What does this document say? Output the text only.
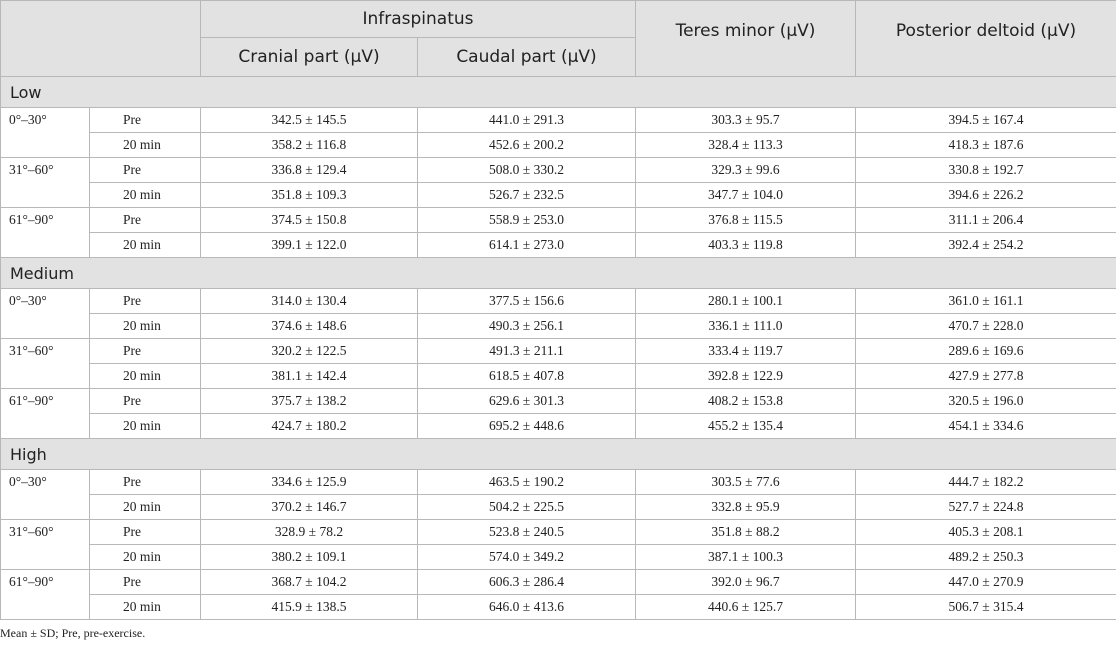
		Infraspinatus		Teres minor (μV)	Posterior deltoid (μV)
		Cranial part (μV)	Caudal part (μV)		
Low					
0°–30°	Pre	342.5 ± 145.5	441.0 ± 291.3	303.3 ± 95.7	394.5 ± 167.4
	20 min	358.2 ± 116.8	452.6 ± 200.2	328.4 ± 113.3	418.3 ± 187.6
31°–60°	Pre	336.8 ± 129.4	508.0 ± 330.2	329.3 ± 99.6	330.8 ± 192.7
	20 min	351.8 ± 109.3	526.7 ± 232.5	347.7 ± 104.0	394.6 ± 226.2
61°–90°	Pre	374.5 ± 150.8	558.9 ± 253.0	376.8 ± 115.5	311.1 ± 206.4
	20 min	399.1 ± 122.0	614.1 ± 273.0	403.3 ± 119.8	392.4 ± 254.2
Medium					
0°–30°	Pre	314.0 ± 130.4	377.5 ± 156.6	280.1 ± 100.1	361.0 ± 161.1
	20 min	374.6 ± 148.6	490.3 ± 256.1	336.1 ± 111.0	470.7 ± 228.0
31°–60°	Pre	320.2 ± 122.5	491.3 ± 211.1	333.4 ± 119.7	289.6 ± 169.6
	20 min	381.1 ± 142.4	618.5 ± 407.8	392.8 ± 122.9	427.9 ± 277.8
61°–90°	Pre	375.7 ± 138.2	629.6 ± 301.3	408.2 ± 153.8	320.5 ± 196.0
	20 min	424.7 ± 180.2	695.2 ± 448.6	455.2 ± 135.4	454.1 ± 334.6
High					
0°–30°	Pre	334.6 ± 125.9	463.5 ± 190.2	303.5 ± 77.6	444.7 ± 182.2
	20 min	370.2 ± 146.7	504.2 ± 225.5	332.8 ± 95.9	527.7 ± 224.8
31°–60°	Pre	328.9 ± 78.2	523.8 ± 240.5	351.8 ± 88.2	405.3 ± 208.1
	20 min	380.2 ± 109.1	574.0 ± 349.2	387.1 ± 100.3	489.2 ± 250.3
61°–90°	Pre	368.7 ± 104.2	606.3 ± 286.4	392.0 ± 96.7	447.0 ± 270.9
	20 min	415.9 ± 138.5	646.0 ± 413.6	440.6 ± 125.7	506.7 ± 315.4
Mean ± SD; Pre, pre-exercise.
